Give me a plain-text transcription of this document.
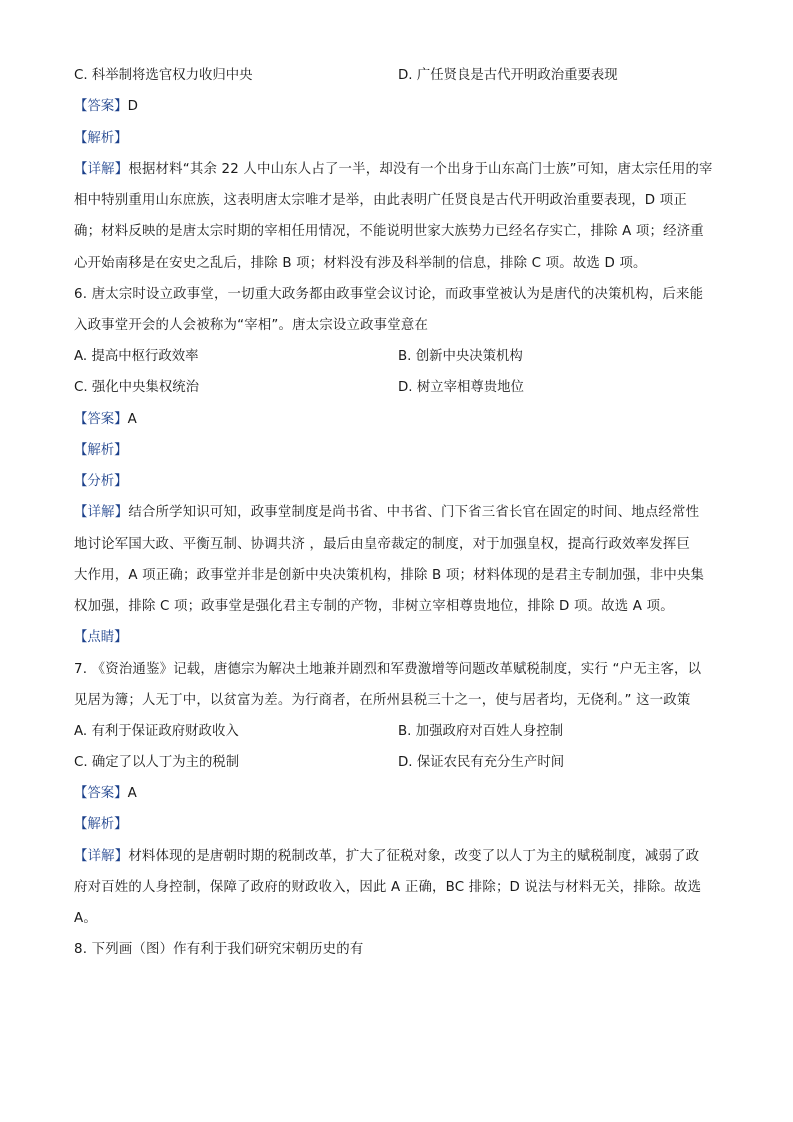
C. 科举制将选官权力收归中央	D. 广任贤良是古代开明政治重要表现
【答案】D
【解析】
【详解】根据材料“其余 22 人中山东人占了一半，却没有一个出身于山东高门士族”可知，唐太宗任用的宰
相中特别重用山东庶族，这表明唐太宗唯才是举，由此表明广任贤良是古代开明政治重要表现，D 项正
确；材料反映的是唐太宗时期的宰相任用情况，不能说明世家大族势力已经名存实亡，排除 A 项；经济重
心开始南移是在安史之乱后，排除 B 项；材料没有涉及科举制的信息，排除 C 项。故选 D 项。
6. 唐太宗时设立政事堂，一切重大政务都由政事堂会议讨论，而政事堂被认为是唐代的决策机构，后来能
入政事堂开会的人会被称为“宰相”。唐太宗设立政事堂意在
A. 提高中枢行政效率	B. 创新中央决策机构
C. 强化中央集权统治	D. 树立宰相尊贵地位
【答案】A
【解析】
【分析】
【详解】结合所学知识可知，政事堂制度是尚书省、中书省、门下省三省长官在固定的时间、地点经常性
地讨论军国大政、平衡互制、协调共济 ，最后由皇帝裁定的制度，对于加强皇权，提高行政效率发挥巨
大作用，A 项正确；政事堂并非是创新中央决策机构，排除 B 项；材料体现的是君主专制加强，非中央集
权加强，排除 C 项；政事堂是强化君主专制的产物，非树立宰相尊贵地位，排除 D 项。故选 A 项。
【点睛】
7. 《资治通鉴》记载，唐德宗为解决土地兼并剧烈和军费激增等问题改革赋税制度，实行 “户无主客，以
见居为簿；人无丁中，以贫富为差。为行商者，在所州县税三十之一，使与居者均，无侥利。” 这一政策
A. 有利于保证政府财政收入	B. 加强政府对百姓人身控制
C. 确定了以人丁为主的税制	D. 保证农民有充分生产时间
【答案】A
【解析】
【详解】材料体现的是唐朝时期的税制改革，扩大了征税对象，改变了以人丁为主的赋税制度，减弱了政
府对百姓的人身控制，保障了政府的财政收入，因此 A 正确，BC 排除；D 说法与材料无关，排除。故选
A。
8. 下列画（图）作有利于我们研究宋朝历史的有
